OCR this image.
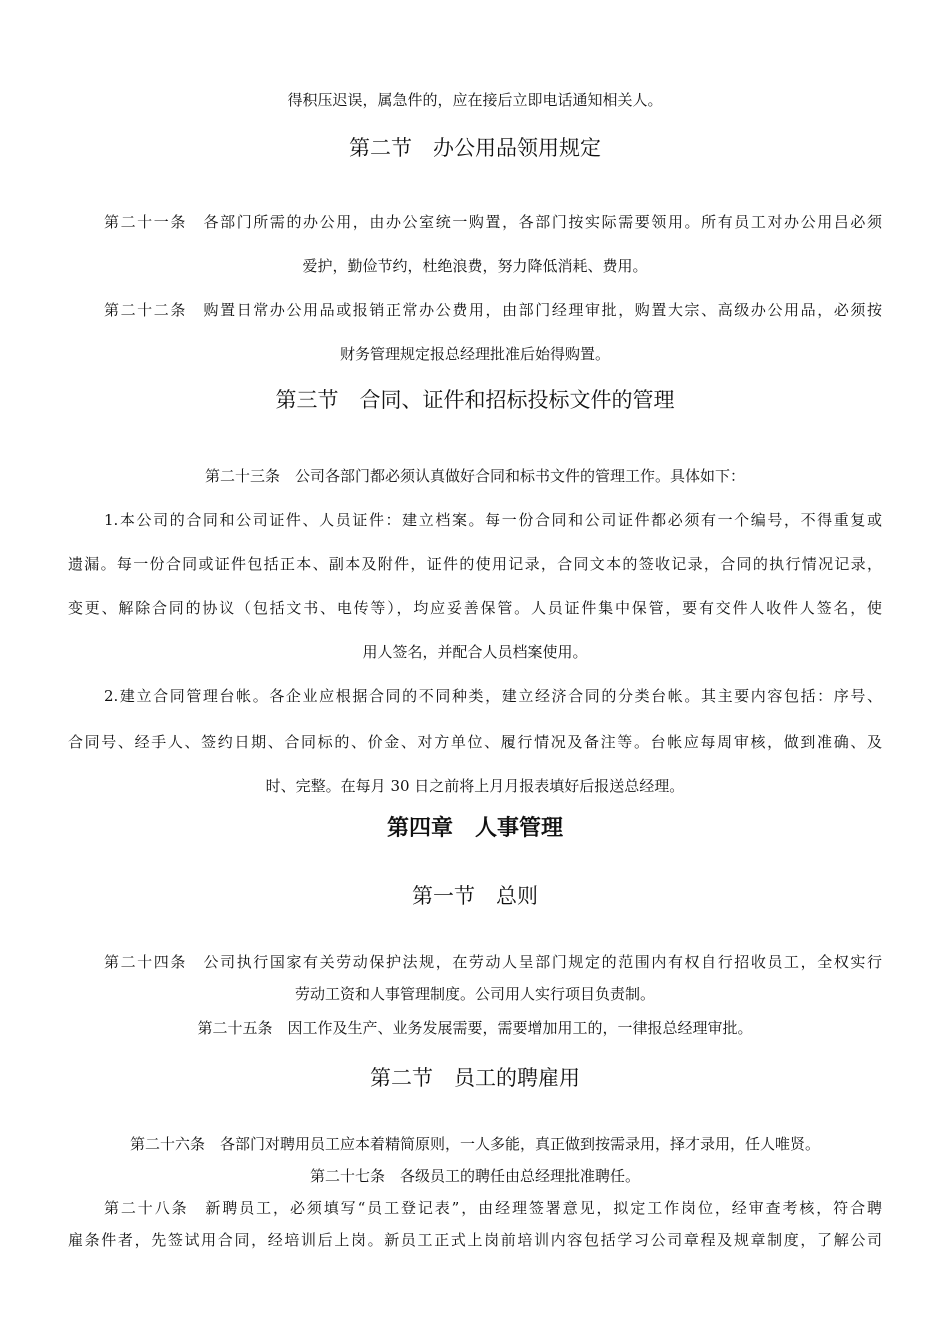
得积压迟误，属急件的，应在接后立即电话通知相关人。
第二节　办公用品领用规定
第二十一条　各部门所需的办公用，由办公室统一购置，各部门按实际需要领用。所有员工对办公用吕必须
爱护，勤俭节约，杜绝浪费，努力降低消耗、费用。
第二十二条　购置日常办公用品或报销正常办公费用，由部门经理审批，购置大宗、高级办公用品，必须按
财务管理规定报总经理批准后始得购置。
第三节　合同、证件和招标投标文件的管理
第二十三条　公司各部门都必须认真做好合同和标书文件的管理工作。具体如下：
1.本公司的合同和公司证件、人员证件：建立档案。每一份合同和公司证件都必须有一个编号，不得重复或
遗漏。每一份合同或证件包括正本、副本及附件，证件的使用记录，合同文本的签收记录，合同的执行情况记录，
变更、解除合同的协议（包括文书、电传等），均应妥善保管。人员证件集中保管，要有交件人收件人签名，使
用人签名，并配合人员档案使用。
2.建立合同管理台帐。各企业应根据合同的不同种类，建立经济合同的分类台帐。其主要内容包括：序号、
合同号、经手人、签约日期、合同标的、价金、对方单位、履行情况及备注等。台帐应每周审核，做到准确、及
时、完整。在每月 30 日之前将上月月报表填好后报送总经理。
第四章　人事管理
第一节　总则
第二十四条　公司执行国家有关劳动保护法规，在劳动人呈部门规定的范围内有权自行招收员工，全权实行
劳动工资和人事管理制度。公司用人实行项目负责制。
第二十五条　因工作及生产、业务发展需要，需要增加用工的，一律报总经理审批。
第二节　员工的聘雇用
第二十六条　各部门对聘用员工应本着精简原则，一人多能，真正做到按需录用，择才录用，任人唯贤。
第二十七条　各级员工的聘任由总经理批准聘任。
第二十八条　新聘员工，必须填写“员工登记表”，由经理签署意见，拟定工作岗位，经审查考核，符合聘
雇条件者，先签试用合同，经培训后上岗。新员工正式上岗前培训内容包括学习公司章程及规章制度，了解公司
